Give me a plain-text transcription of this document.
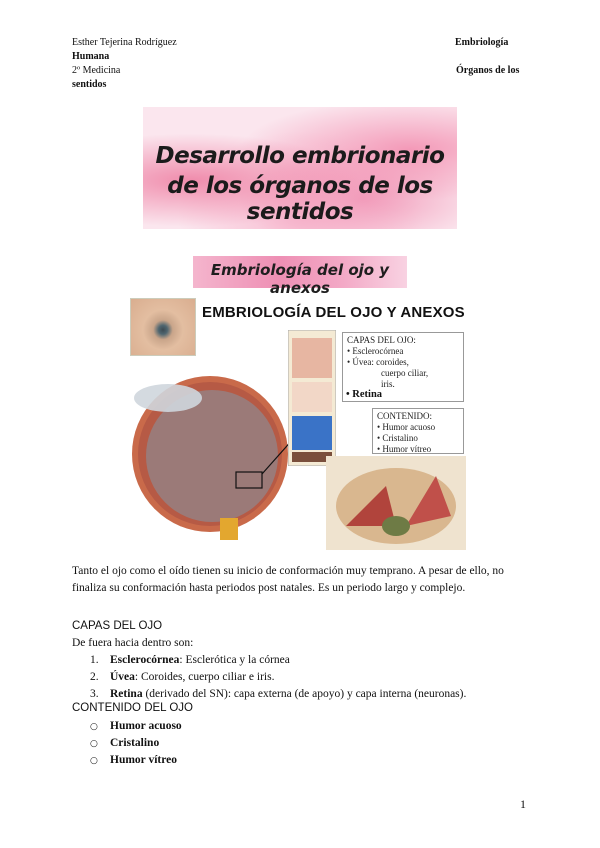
Esther Tejerina Rodríguez	Embriología
Humana
2º Medicina	Órganos de los
sentidos
Desarrollo embrionario
de los órganos de los sentidos
Embriología del ojo y anexos
EMBRIOLOGÍA DEL OJO Y ANEXOS
CAPAS DEL OJO:
• Esclerocórnea
• Úvea: coroides,
cuerpo ciliar,
iris.
• Retina
CONTENIDO:
• Humor acuoso
• Cristalino
• Humor vítreo

Tanto el ojo como el oído tienen su inicio de conformación muy temprano. A pesar de ello, no finaliza su conformación hasta periodos post natales. Es un periodo largo y complejo.

CAPAS DEL OJO
De fuera hacia dentro son:
1. Esclerocórnea: Esclerótica y la córnea
2. Úvea: Coroides, cuerpo ciliar e iris.
3. Retina (derivado del SN): capa externa (de apoyo) y capa interna (neuronas).
CONTENIDO DEL OJO
○ Humor acuoso
○ Cristalino
○ Humor vítreo
1
